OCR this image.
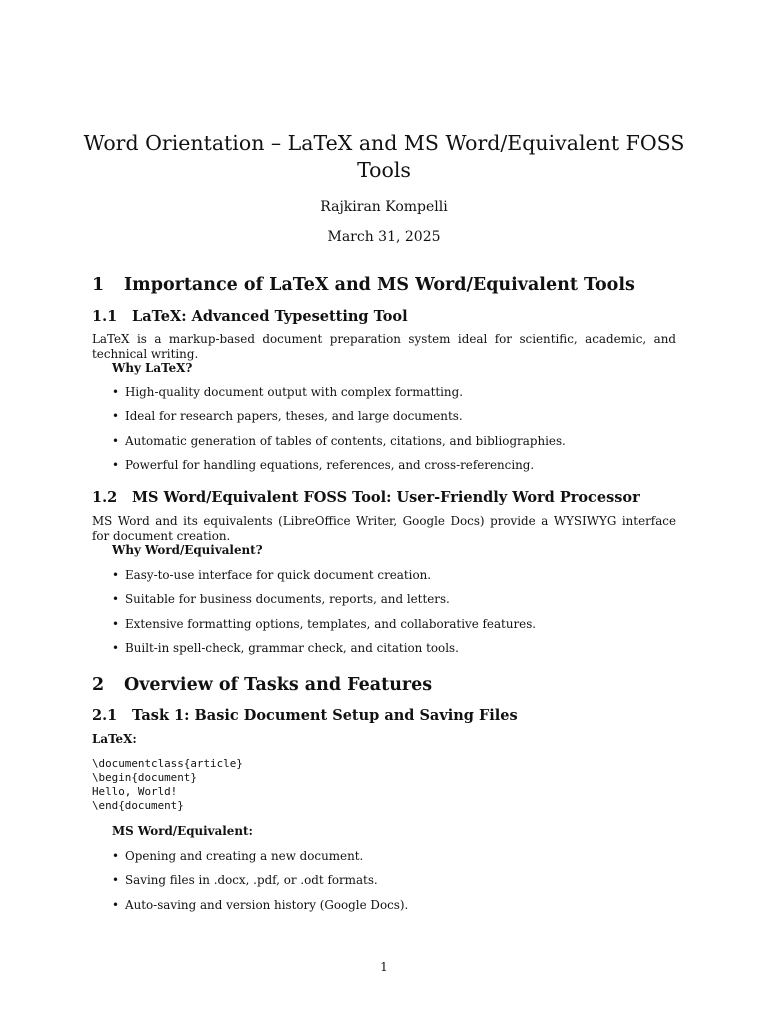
Word Orientation – LaTeX and MS Word/Equivalent FOSS Tools
Rajkiran Kompelli
March 31, 2025
1 Importance of LaTeX and MS Word/Equivalent Tools
1.1 LaTeX: Advanced Typesetting Tool

LaTeX is a markup-based document preparation system ideal for scientific, academic, and technical writing.

Why LaTeX?
• High-quality document output with complex formatting.
• Ideal for research papers, theses, and large documents.
• Automatic generation of tables of contents, citations, and bibliographies.
• Powerful for handling equations, references, and cross-referencing.
1.2 MS Word/Equivalent FOSS Tool: User-Friendly Word Processor

MS Word and its equivalents (LibreOffice Writer, Google Docs) provide a WYSIWYG interface for document creation.

Why Word/Equivalent?
• Easy-to-use interface for quick document creation.
• Suitable for business documents, reports, and letters.
• Extensive formatting options, templates, and collaborative features.
• Built-in spell-check, grammar check, and citation tools.
2 Overview of Tasks and Features
2.1 Task 1: Basic Document Setup and Saving Files
LaTeX:
\documentclass{article}
\begin{document}
Hello, World!
\end{document}
MS Word/Equivalent:
• Opening and creating a new document.
• Saving files in .docx, .pdf, or .odt formats.
• Auto-saving and version history (Google Docs).
1
